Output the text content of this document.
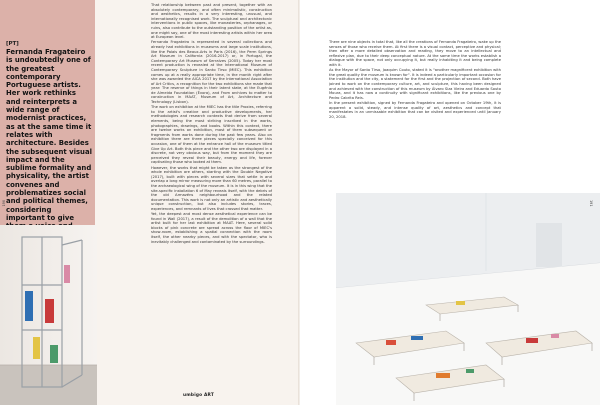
[PT]

Fernanda Fragateiro is undoubtedly one of the greatest contemporary Portuguese artists. Her work rethinks and reinterprets a wide range of modernist practices, as at the same time it relates with architecture. Besides the subsequent visual impact and the sublime formality and physicality, the artist convenes and problematizes social and political themes, considering important to give

That relationship between past and present, together with an absolutely contemporary, and often minimalistic, construction and aesthetics, results in a very interesting, unusual, and internationally recognised work. The sculptural and architectonic interventions in public spaces, like monasteries, orphanages, or ruins, also contribute to the outstanding position of the artist as, one might say, one of the most interesting artists within her area at European level.

Fernanda Fragateiro is represented in several collections and already had exhibitions in museums and large scale institutions, like the Palais des Beaux-Arts in Paris (2016), the Perm Springs Art Museum in California (2016-2017) or, in Portugal, the Contemporary Art Museum of Serralves (2005). Today her most recent production is revealed at the International Museum of Contemporary Sculpture in Santo Tirso (MIEC). This exhibition comes up at a really appropriate time, in the month right after she was awarded the AICA 2017 by the International Association of Art Critics, a recognition for the two exhibitions she made that year: The reserve of things in their latent state, at the Eugénio de Almeida Foundation (Évora), and From archives to matter to construction in MAAT, Museum of Art, Architecture and Technology (Lisbon).

The work on exhibition at the MIEC has the title Proxies, referring to the artist's creative and productive developments, her methodologies and research contexts that derive from several elements, being the most striking inscribed in the works, photographies, drawings, and books. Within this context, there are twelve works on exhibition, most of them subsequent or fragments from works done during the past few years. Also on exhibition there are three pieces specially conceived for this occasion, one of them at the entrance hall of the museum titled Give Up Art. Both this piece and the other two are displayed in a discrete, not very obvious way, but from the moment they are perceived they reveal their beauty, energy and life, forever captivating those who looked at them.

However, the works that might be taken as the strongest of the whole exhibition are others, starting with the Double Negative (2017), built with pieces with several sizes that settle in and overlap a long mirror measuring more than 60 metres, parallel to the archaeological wing of the museum. It is in this wing that the site-specific installation 6 of May reveals itself, with the debris of the old Armazéns neighbourhood and the related documentation. This work is not only an artistic and aesthetically unique construction, but also includes stories, traces, experiences, and remnants of lives that crossed that matter.

Yet, the deepest and most dense aesthetical experience can be found in Wall (2017), a result of the demolition of a wall that the artist built for her last exhibition at MAAT. Here, several solid blocks of pink concrete are spread across the floor of MIEC's show-room, establishing a spatial connection with the room itself, the other nearby pieces, and with the spectator, who is inevitably challenged and contaminated by the surroundings.

umbigo ART

There are nine objects in total that, like all the creations of Fernanda Fragateiro, wake up the senses of those who receive them. At first there is a visual contact, perceptive and physical; then after a more detailed observation and reading, they move to an intellectual and reflexive plan, due to their deep conceptual nature. At the same time the works establish a dialogue with the space, not only occupying it, but really inhabiting it and being complete with it.

As the Mayor of Santo Tirso, Joaquim Couto, stated it is "another magnificent exhibition with the great quality the museum is known for". It is indeed a particularly important occasion for the institution and the city, a statement for the first and the projection of second. Both have joined to work on the contemporary culture, art, and sculpture, this having been designed and achieved with the construction of this museum by Álvaro Siza Vieira and Eduardo Souto Moura, and it has now a continuity with significant exhibitions, like the previous one by Pedro Cabrita Reis.

In the present exhibition, signed by Fernanda Fragateiro and opened on October 19th, it is apparent a solid, steady, and intense quality of art, aesthetics and concept that manifestates in an unmissable exhibition that can be visited and experienced until January 20, 2018.

190	191
